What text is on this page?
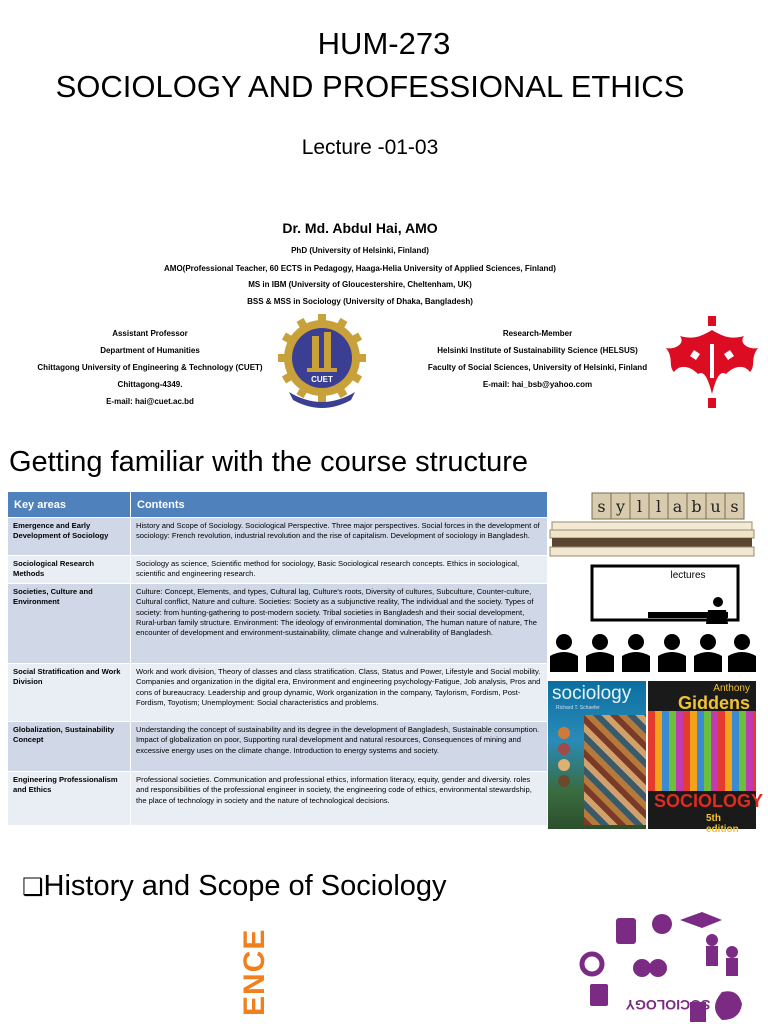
HUM-273
SOCIOLOGY AND PROFESSIONAL ETHICS
Lecture -01-03
Dr. Md. Abdul Hai, AMO
PhD (University of Helsinki, Finland)
AMO(Professional Teacher, 60 ECTS in Pedagogy, Haaga-Helia University of Applied Sciences, Finland)
MS in IBM (University of Gloucestershire, Cheltenham, UK)
BSS & MSS in Sociology (University of Dhaka, Bangladesh)
Assistant Professor
Department of Humanities
Chittagong University of Engineering & Technology (CUET)
Chittagong-4349.
E-mail: hai@cuet.ac.bd
CUET
Research-Member
Helsinki Institute of Sustainability Science (HELSUS)
Faculty of Social Sciences, University of Helsinki, Finland
E-mail: hai_bsb@yahoo.com
Getting familiar with the course structure
Key areas	Contents
Emergence and Early Development of Sociology	History and Scope of Sociology. Sociological Perspective. Three major perspectives. Social forces in the development of sociology: French revolution, industrial revolution and the rise of capitalism. Development of sociology in Bangladesh.
Sociological Research Methods	Sociology as science, Scientific method for sociology, Basic Sociological research concepts. Ethics in sociological, scientific and engineering research.
Societies, Culture and Environment	Culture: Concept, Elements, and types, Cultural lag, Culture's roots, Diversity of cultures, Subculture, Counter-culture, Cultural conflict, Nature and culture. Societies: Society as a subjunctive reality, The individual and the society. Types of society: from hunting-gathering to post-modern society. Tribal societies in Bangladesh and their social development, Rural-urban family structure. Environment: The ideology of environmental domination, The human nature of nature, The encounter of development and environment-sustainability, climate change and vulnerability of Bangladesh.
Social Stratification and Work Division	Work and work division, Theory of classes and class stratification. Class, Status and Power, Lifestyle and Social mobility. Companies and organization in the digital era, Environment and engineering psychology-Fatigue, Job analysis, Pros and cons of bureaucracy. Leadership and group dynamic, Work organization in the company, Taylorism, Fordism, Post-Fordism, Toyotism; Unemployment: Social characteristics and problems.
Globalization, Sustainability Concept	Understanding the concept of sustainability and its degree in the development of Bangladesh, Sustainable consumption. Impact of globalization on poor, Supporting rural development and natural resources, Consequences of mining and excessive energy uses on the climate change. Introduction to energy systems and society.
Engineering Professionalism and Ethics	Professional societies. Communication and professional ethics, information literacy, equity, gender and diversity. roles and responsibilities of the professional engineer in society, the engineering code of ethics, environmental stewardship, the place of technology in society and the nature of technological decisions.
s y l l a b u s
lectures
sociology
Richard T. Schaefer
Anthony
Giddens
SOCIOLOGY
5th edition
❑History and Scope of Sociology
ENCE	SOCIOLOGY
